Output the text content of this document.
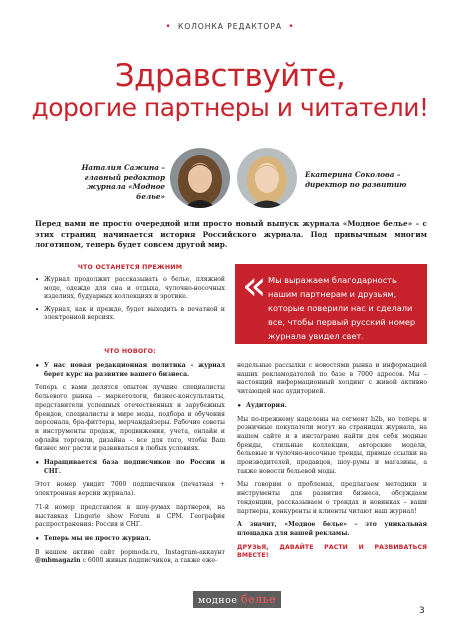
• КОЛОНКА РЕДАКТОРА •
Здравствуйте,
дорогие партнеры и читатели!
Наталия Сажина –
главный редактор
журнала «Модное белье»
Екатерина Соколова –
директор по развитию

Перед вами не просто очередной или просто новый выпуск журнала «Модное белье» – с этих страниц начинается история Российского журнала. Под привычным многим логотипом, теперь будет совсем другой мир.

ЧТО ОСТАНЕТСЯ ПРЕЖНИМ
• Журнал продолжит рассказывать о белье, пляжной моде, одежде для сна и отдыха, чулочно-носочных изделиях, будуарных коллекциях и эротике.
• Журнал, как и прежде, будет выходить в печатной и электронной версиях.
« Мы выражаем благодарность нашим партнерам и друзьям, которые поверили нас и сделали все, чтобы первый русский номер журнала увидел свет.
ЧТО НОВОГО:
• У нас новая редакционная политика – журнал берет курс на развитие вашего бизнеса.

Теперь с вами делятся опытом лучшие специалисты бельевого рынка – маркетологи, бизнес-консультанты, представители успешных отечественных и зарубежных брендов, специалисты в мире моды, подбора и обучения персонала, бра-фиттеры, мерчандайзеры. Рабочие советы и инструменты продаж, продвижения, учета, онлайн и офлайн торговли, дизайна – все для того, чтобы Ваш бизнес мог расти и развиваться в любых условиях.

• Наращивается база подписчиков по России и СНГ.

Этот номер увидят 7000 подписчиков (печатная + электронная версии журнала).

71-й номер представлен в шоу-румах партнеров, на выставках Lingerie show Forum и CPM. География распространения: Россия и СНГ.

• Теперь мы не просто журнал.

В нашем активе сайт popmoda.ru, Instagram-аккаунт @mbmagazin с 6000 живых подписчиков, а также еже-

недельные рассылки с новостями рынка и информацией наших рекламодателей по базе в 7000 адресов. Мы – настоящий информационный холдинг с живой активно читающей нас аудиторией.

• Аудитория.

Мы по-прежнему нацелены на сегмент b2b, но теперь и розничные покупатели могут на страницах журнала, на нашем сайте и в инстаграме найти для себя модные бренды, стильные коллекции, авторские модели, бельевые и чулочно-носочные тренды, прямые ссылки на производителей, продавцов, шоу-румы и магазины, а также новости бельевой моды.

Мы говорим о проблемах, предлагаем методики и инструменты для развития бизнеса, обсуждаем тенденции, рассказываем о трендах и новинках – ваши партнеры, конкуренты и клиенты читают наш журнал!

А значит, «Модное белье» – это уникальная площадка для вашей рекламы.

ДРУЗЬЯ, ДАВАЙТЕ РАСТИ И РАЗВИВАТЬСЯ ВМЕСТЕ!

модное белье
3
